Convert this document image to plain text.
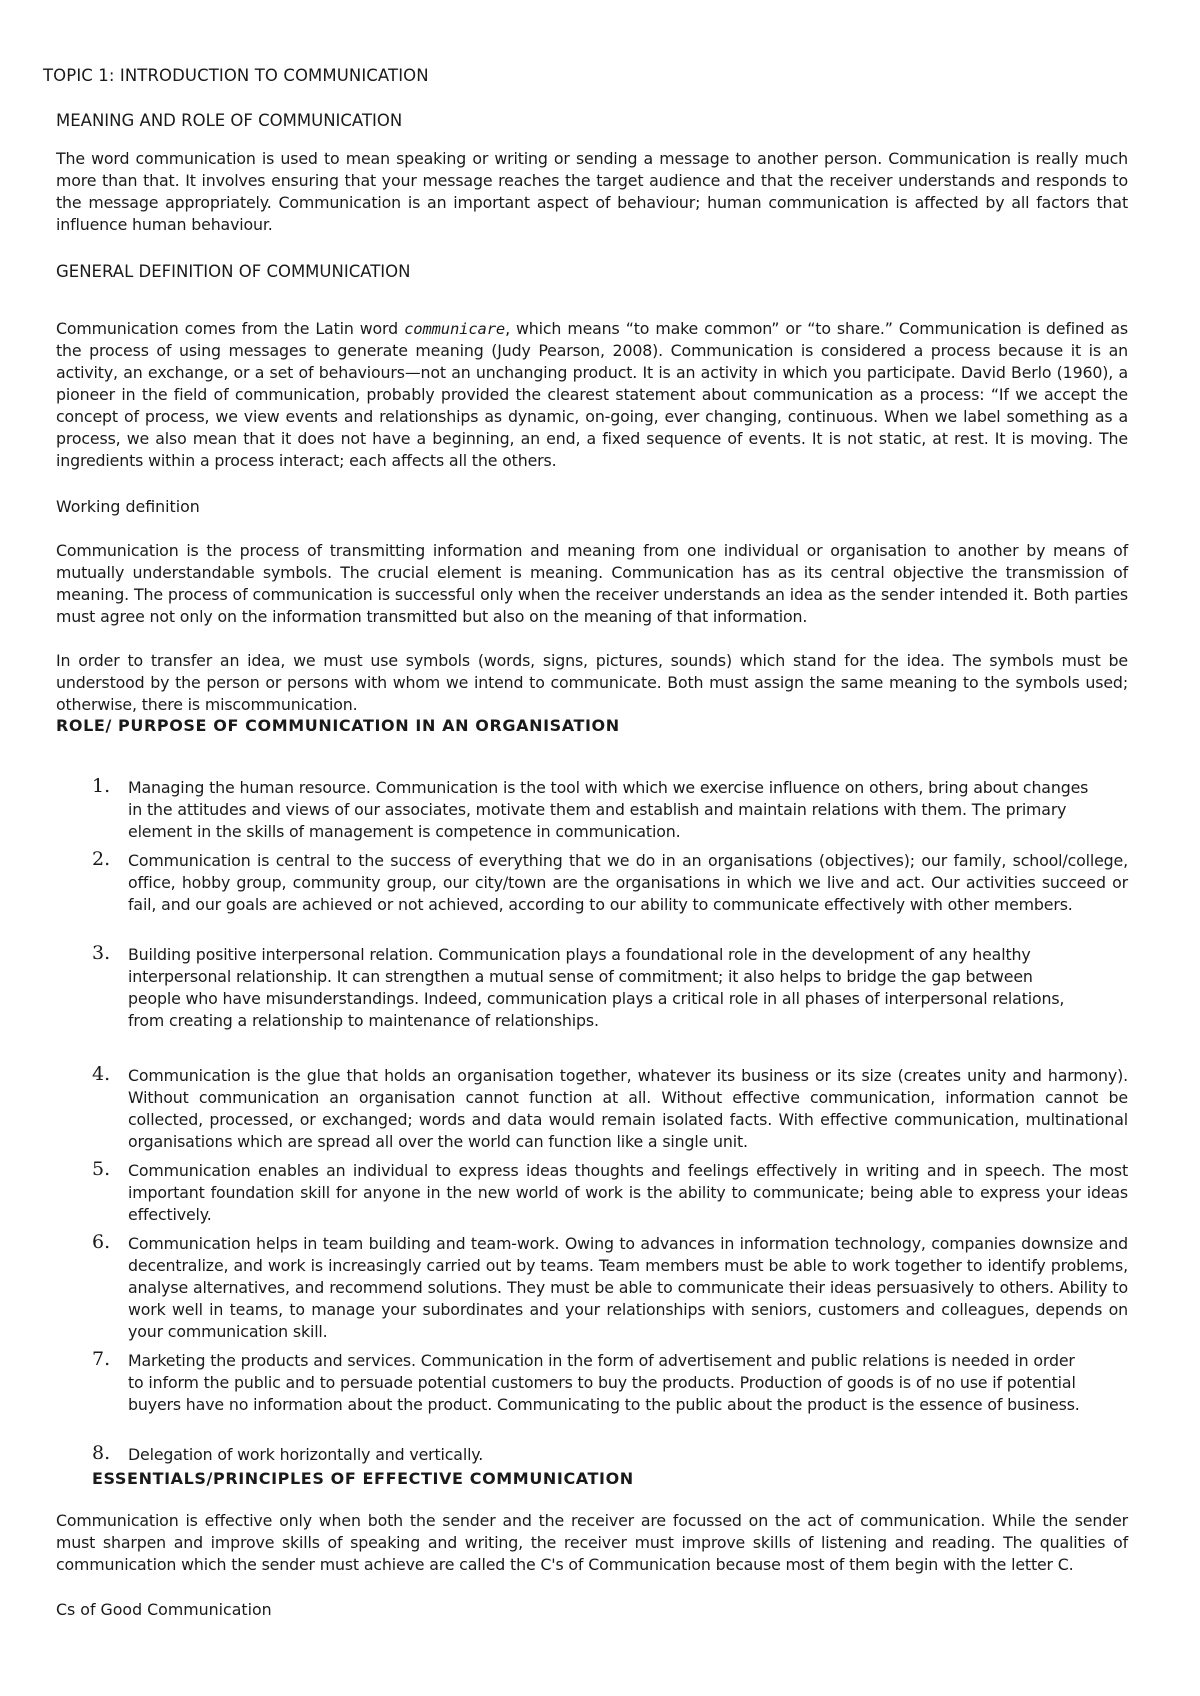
TOPIC 1: INTRODUCTION TO COMMUNICATION
MEANING AND ROLE OF COMMUNICATION
The word communication is used to mean speaking or writing or sending a message to another person. Communication is really much more than that. It involves ensuring that your message reaches the target audience and that the receiver understands and responds to the message appropriately. Communication is an important aspect of behaviour; human communication is affected by all factors that influence human behaviour.
GENERAL DEFINITION OF COMMUNICATION
Communication comes from the Latin word communicare, which means “to make common” or “to share.” Communication is defined as the process of using messages to generate meaning (Judy Pearson, 2008). Communication is considered a process because it is an activity, an exchange, or a set of behaviours—not an unchanging product. It is an activity in which you participate. David Berlo (1960), a pioneer in the field of communication, probably provided the clearest statement about communication as a process: “If we accept the concept of process, we view events and relationships as dynamic, on-going, ever changing, continuous. When we label something as a process, we also mean that it does not have a beginning, an end, a fixed sequence of events. It is not static, at rest. It is moving. The ingredients within a process interact; each affects all the others.
Working definition
Communication is the process of transmitting information and meaning from one individual or organisation to another by means of mutually understandable symbols. The crucial element is meaning. Communication has as its central objective the transmission of meaning. The process of communication is successful only when the receiver understands an idea as the sender intended it. Both parties must agree not only on the information transmitted but also on the meaning of that information.
In order to transfer an idea, we must use symbols (words, signs, pictures, sounds) which stand for the idea. The symbols must be understood by the person or persons with whom we intend to communicate. Both must assign the same meaning to the symbols used; otherwise, there is miscommunication.
ROLE/ PURPOSE OF COMMUNICATION IN AN ORGANISATION
1. Managing the human resource. Communication is the tool with which we exercise influence on others, bring about changes in the attitudes and views of our associates, motivate them and establish and maintain relations with them. The primary element in the skills of management is competence in communication.
2. Communication is central to the success of everything that we do in an organisations (objectives); our family, school/college, office, hobby group, community group, our city/town are the organisations in which we live and act. Our activities succeed or fail, and our goals are achieved or not achieved, according to our ability to communicate effectively with other members.
3. Building positive interpersonal relation. Communication plays a foundational role in the development of any healthy interpersonal relationship. It can strengthen a mutual sense of commitment; it also helps to bridge the gap between people who have misunderstandings. Indeed, communication plays a critical role in all phases of interpersonal relations, from creating a relationship to maintenance of relationships.
4. Communication is the glue that holds an organisation together, whatever its business or its size (creates unity and harmony). Without communication an organisation cannot function at all. Without effective communication, information cannot be collected, processed, or exchanged; words and data would remain isolated facts. With effective communication, multinational organisations which are spread all over the world can function like a single unit.
5. Communication enables an individual to express ideas thoughts and feelings effectively in writing and in speech. The most important foundation skill for anyone in the new world of work is the ability to communicate; being able to express your ideas effectively.
6. Communication helps in team building and team-work. Owing to advances in information technology, companies downsize and decentralize, and work is increasingly carried out by teams. Team members must be able to work together to identify problems, analyse alternatives, and recommend solutions. They must be able to communicate their ideas persuasively to others. Ability to work well in teams, to manage your subordinates and your relationships with seniors, customers and colleagues, depends on your communication skill.
7. Marketing the products and services. Communication in the form of advertisement and public relations is needed in order to inform the public and to persuade potential customers to buy the products. Production of goods is of no use if potential buyers have no information about the product. Communicating to the public about the product is the essence of business.
8. Delegation of work horizontally and vertically.
ESSENTIALS/PRINCIPLES OF EFFECTIVE COMMUNICATION
Communication is effective only when both the sender and the receiver are focussed on the act of communication. While the sender must sharpen and improve skills of speaking and writing, the receiver must improve skills of listening and reading. The qualities of communication which the sender must achieve are called the C's of Communication because most of them begin with the letter C.
Cs of Good Communication
